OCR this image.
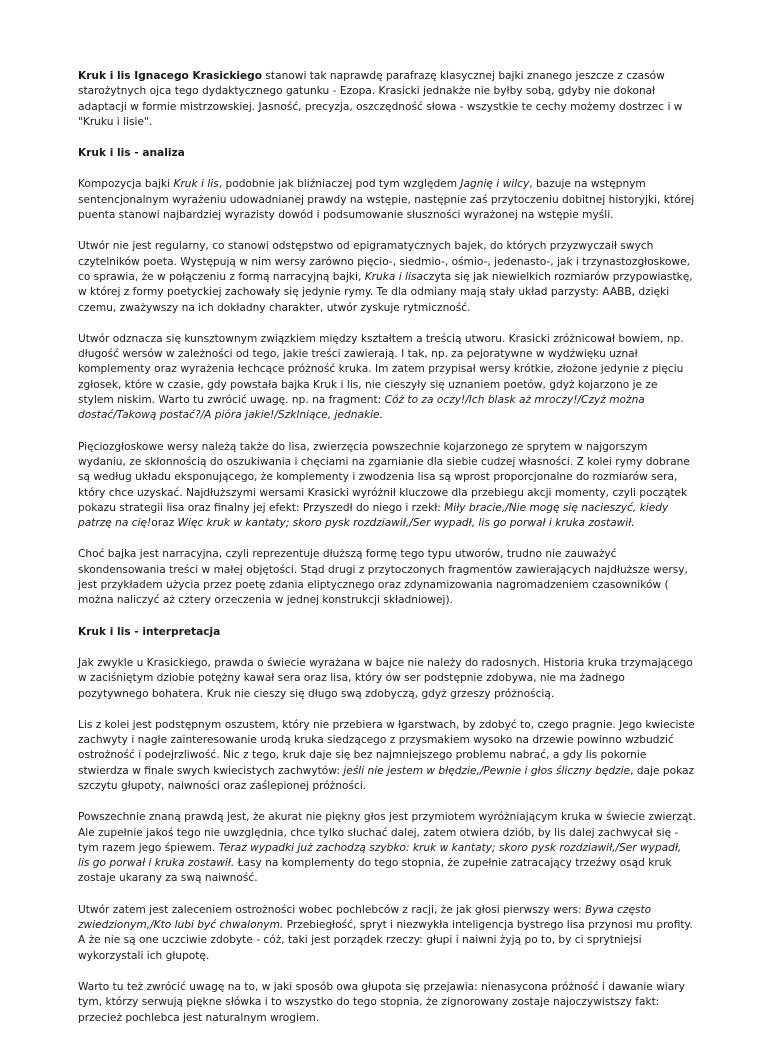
Kruk i lis Ignacego Krasickiego stanowi tak naprawdę parafrazę klasycznej bajki znanego jeszcze z czasów starożytnych ojca tego dydaktycznego gatunku - Ezopa. Krasicki jednakże nie byłby sobą, gdyby nie dokonał adaptacji w formie mistrzowskiej. Jasność, precyzja, oszczędność słowa - wszystkie te cechy możemy dostrzec i w "Kruku i lisie".

Kruk i lis - analiza

Kompozycja bajki Kruk i lis, podobnie jak bliźniaczej pod tym względem Jagnię i wilcy, bazuje na wstępnym sentencjonalnym wyrażeniu udowadnianej prawdy na wstępie, następnie zaś przytoczeniu dobitnej historyjki, której puenta stanowi najbardziej wyrazisty dowód i podsumowanie słuszności wyrażonej na wstępie myśli.

Utwór nie jest regularny, co stanowi odstępstwo od epigramatycznych bajek, do których przyzwyczaił swych czytelników poeta. Występują w nim wersy zarówno pięcio-, siedmio-, ośmio-, jedenasto-, jak i trzynastozgłoskowe, co sprawia, że w połączeniu z formą narracyjną bajki, Kruka i lisaczyta się jak niewielkich rozmiarów przypowiastkę, w której z formy poetyckiej zachowały się jedynie rymy. Te dla odmiany mają stały układ parzysty: AABB, dzięki czemu, zważywszy na ich dokładny charakter, utwór zyskuje rytmiczność.

Utwór odznacza się kunsztownym związkiem między kształtem a treścią utworu. Krasicki zróżnicował bowiem, np. długość wersów w zależności od tego, jakie treści zawierają. I tak, np. za pejoratywne w wydźwięku uznał komplementy oraz wyrażenia łechcące próżność kruka. Im zatem przypisał wersy krótkie, złożone jedynie z pięciu zgłosek, które w czasie, gdy powstała bajka Kruk i lis, nie cieszyły się uznaniem poetów, gdyż kojarzono je ze stylem niskim. Warto tu zwrócić uwagę. np. na fragment: Cóż to za oczy!/Ich blask aż mroczy!/Czyż można dostać/Takową postać?/A pióra jakie!/Szklniące, jednakie.

Pięciozgłoskowe wersy należą także do lisa, zwierzęcia powszechnie kojarzonego ze sprytem w najgorszym wydaniu, ze skłonnością do oszukiwania i chęciami na zgarnianie dla siebie cudzej własności. Z kolei rymy dobrane są według układu eksponującego, że komplementy i zwodzenia lisa są wprost proporcjonalne do rozmiarów sera, który chce uzyskać. Najdłuższymi wersami Krasicki wyróżnił kluczowe dla przebiegu akcji momenty, czyli początek pokazu strategii lisa oraz finalny jej efekt: Przyszedł do niego i rzekł: Miły bracie,/Nie mogę się nacieszyć, kiedy patrzę na cię!oraz Więc kruk w kantaty; skoro pysk rozdziawił,/Ser wypadł, lis go porwał i kruka zostawił.

Choć bajka jest narracyjna, czyli reprezentuje dłuższą formę tego typu utworów, trudno nie zauważyć skondensowania treści w małej objętości. Stąd drugi z przytoczonych fragmentów zawierających najdłuższe wersy, jest przykładem użycia przez poetę zdania eliptycznego oraz zdynamizowania nagromadzeniem czasowników ( można naliczyć aż cztery orzeczenia w jednej konstrukcji składniowej).

Kruk i lis - interpretacja

Jak zwykle u Krasickiego, prawda o świecie wyrażana w bajce nie należy do radosnych. Historia kruka trzymającego w zaciśniętym dziobie potężny kawał sera oraz lisa, który ów ser podstępnie zdobywa, nie ma żadnego pozytywnego bohatera. Kruk nie cieszy się długo swą zdobyczą, gdyż grzeszy próżnością.

Lis z kolei jest podstępnym oszustem, który nie przebiera w łgarstwach, by zdobyć to, czego pragnie. Jego kwieciste zachwyty i nagłe zainteresowanie urodą kruka siedzącego z przysmakiem wysoko na drzewie powinno wzbudzić ostrożność i podejrzliwość. Nic z tego, kruk daje się bez najmniejszego problemu nabrać, a gdy lis pokornie stwierdza w finale swych kwiecistych zachwytów: jeśli nie jestem w błędzie,/Pewnie i głos śliczny będzie, daje pokaz szczytu głupoty, naiwności oraz zaślepionej próżności.

Powszechnie znaną prawdą jest, że akurat nie piękny głos jest przymiotem wyróżniającym kruka w świecie zwierząt. Ale zupełnie jakoś tego nie uwzględnia, chce tylko słuchać dalej, zatem otwiera dziób, by lis dalej zachwycał się - tym razem jego śpiewem. Teraz wypadki już zachodzą szybko: kruk w kantaty; skoro pysk rozdziawił,/Ser wypadł, lis go porwał i kruka zostawił. Łasy na komplementy do tego stopnia, że zupełnie zatracający trzeźwy osąd kruk zostaje ukarany za swą naiwność.

Utwór zatem jest zaleceniem ostrożności wobec pochlebców z racji, że jak głosi pierwszy wers: Bywa często zwiedzionym,/Kto lubi być chwalonym. Przebiegłość, spryt i niezwykła inteligencja bystrego lisa przynosi mu profity. A że nie są one uczciwie zdobyte - cóż, taki jest porządek rzeczy: głupi i naiwni żyją po to, by ci sprytniejsi wykorzystali ich głupotę.

Warto tu też zwrócić uwagę na to, w jaki sposób owa głupota się przejawia: nienasycona próżność i dawanie wiary tym, którzy serwują piękne słówka i to wszystko do tego stopnia, że zignorowany zostaje najoczywistszy fakt: przecież pochlebca jest naturalnym wrogiem.
